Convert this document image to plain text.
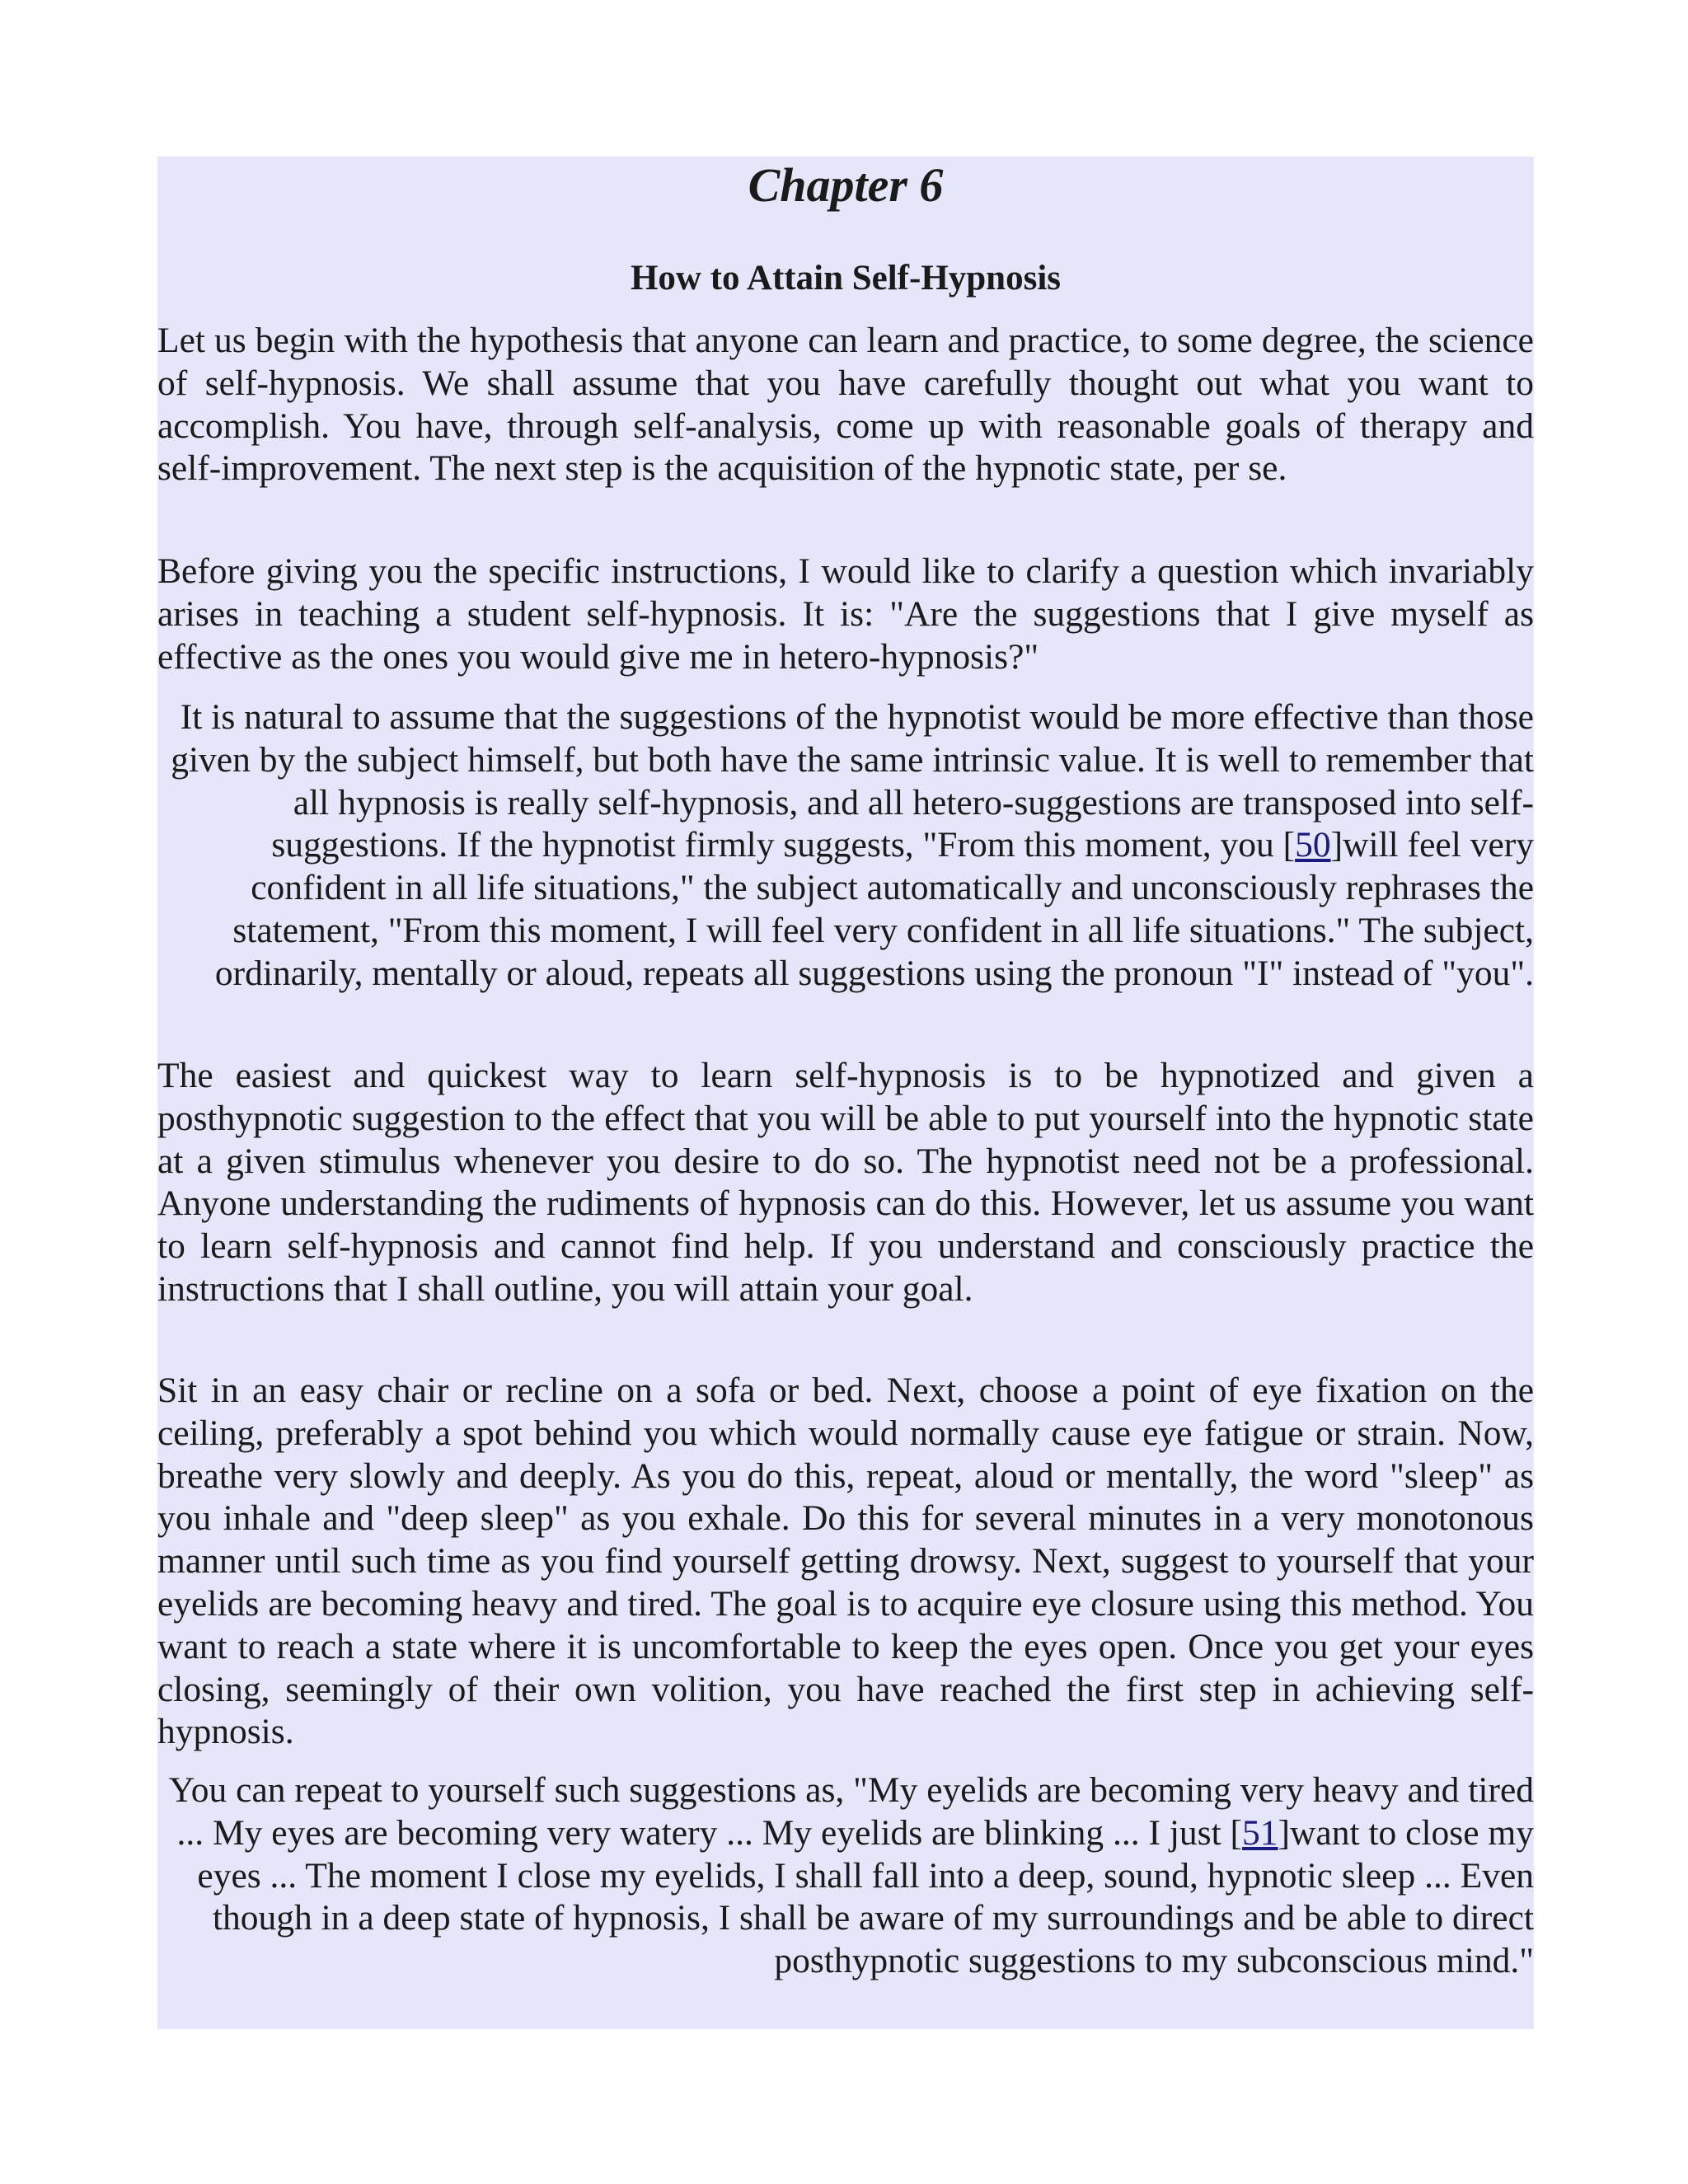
Chapter 6
How to Attain Self-Hypnosis

Let us begin with the hypothesis that anyone can learn and practice, to some degree, the science of self-hypnosis. We shall assume that you have carefully thought out what you want to accomplish. You have, through self-analysis, come up with reasonable goals of therapy and self-improvement. The next step is the acquisition of the hypnotic state, per se.

Before giving you the specific instructions, I would like to clarify a question which invariably arises in teaching a student self-hypnosis. It is: "Are the suggestions that I give myself as effective as the ones you would give me in hetero-hypnosis?"

It is natural to assume that the suggestions of the hypnotist would be more effective than those given by the subject himself, but both have the same intrinsic value. It is well to remember that all hypnosis is really self-hypnosis, and all hetero-suggestions are transposed into self-suggestions. If the hypnotist firmly suggests, "From this moment, you [50]will feel very confident in all life situations," the subject automatically and unconsciously rephrases the statement, "From this moment, I will feel very confident in all life situations." The subject, ordinarily, mentally or aloud, repeats all suggestions using the pronoun "I" instead of "you".

The easiest and quickest way to learn self-hypnosis is to be hypnotized and given a posthypnotic suggestion to the effect that you will be able to put yourself into the hypnotic state at a given stimulus whenever you desire to do so. The hypnotist need not be a professional. Anyone understanding the rudiments of hypnosis can do this. However, let us assume you want to learn self-hypnosis and cannot find help. If you understand and consciously practice the instructions that I shall outline, you will attain your goal.

Sit in an easy chair or recline on a sofa or bed. Next, choose a point of eye fixation on the ceiling, preferably a spot behind you which would normally cause eye fatigue or strain. Now, breathe very slowly and deeply. As you do this, repeat, aloud or mentally, the word "sleep" as you inhale and "deep sleep" as you exhale. Do this for several minutes in a very monotonous manner until such time as you find yourself getting drowsy. Next, suggest to yourself that your eyelids are becoming heavy and tired. The goal is to acquire eye closure using this method. You want to reach a state where it is uncomfortable to keep the eyes open. Once you get your eyes closing, seemingly of their own volition, you have reached the first step in achieving self-hypnosis.

You can repeat to yourself such suggestions as, "My eyelids are becoming very heavy and tired ... My eyes are becoming very watery ... My eyelids are blinking ... I just [51]want to close my eyes ... The moment I close my eyelids, I shall fall into a deep, sound, hypnotic sleep ... Even though in a deep state of hypnosis, I shall be aware of my surroundings and be able to direct posthypnotic suggestions to my subconscious mind."
